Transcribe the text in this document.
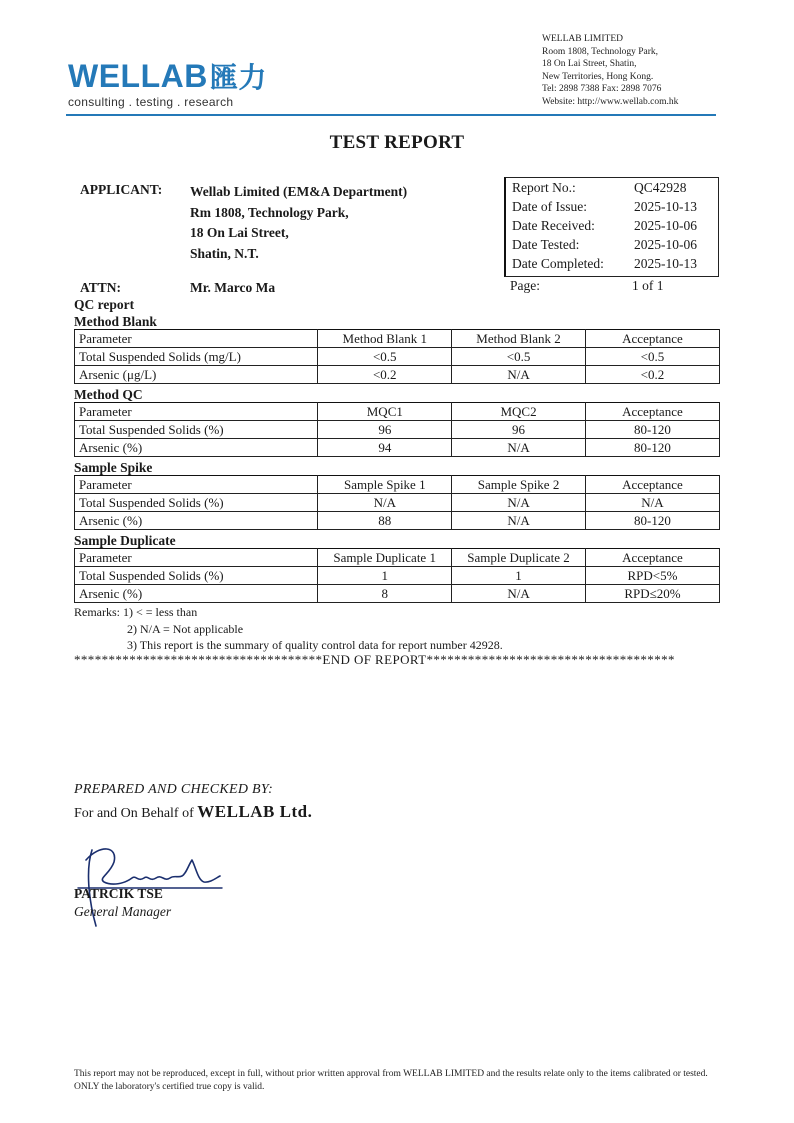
WELLAB匯力
consulting . testing . research
WELLAB LIMITED
Room 1808, Technology Park,
18 On Lai Street, Shatin,
New Territories, Hong Kong.
Tel: 2898 7388 Fax: 2898 7076
Website: http://www.wellab.com.hk
TEST REPORT
APPLICANT: Wellab Limited (EM&A Department)
Rm 1808, Technology Park,
18 On Lai Street,
Shatin, N.T.
ATTN:	Mr. Marco Ma
Report No.:	QC42928
Date of Issue:	2025-10-13
Date Received:	2025-10-06
Date Tested:	2025-10-06
Date Completed: 2025-10-13
Page:	1 of 1
QC report
Method Blank
Parameter	Method Blank 1	Method Blank 2	Acceptance
Total Suspended Solids (mg/L)	<0.5	<0.5	<0.5
Arsenic (μg/L)	<0.2	N/A	<0.2
Method QC
Parameter	MQC1	MQC2	Acceptance
Total Suspended Solids (%)	96	96	80-120
Arsenic (%)	94	N/A	80-120
Sample Spike
Parameter	Sample Spike 1	Sample Spike 2	Acceptance
Total Suspended Solids (%)	N/A	N/A	N/A
Arsenic (%)	88	N/A	80-120
Sample Duplicate
Parameter	Sample Duplicate 1	Sample Duplicate 2	Acceptance
Total Suspended Solids (%)	1	1	RPD<5%
Arsenic (%)	8	N/A	RPD≤20%
Remarks: 1) < = less than
2) N/A = Not applicable
3) This report is the summary of quality control data for report number 42928.
************************************END OF REPORT************************************
PREPARED AND CHECKED BY:
For and On Behalf of WELLAB Ltd.
PATRCIK TSE
General Manager
This report may not be reproduced, except in full, without prior written approval from WELLAB LIMITED and the results relate only to the items calibrated or tested. ONLY the laboratory's certified true copy is valid.
